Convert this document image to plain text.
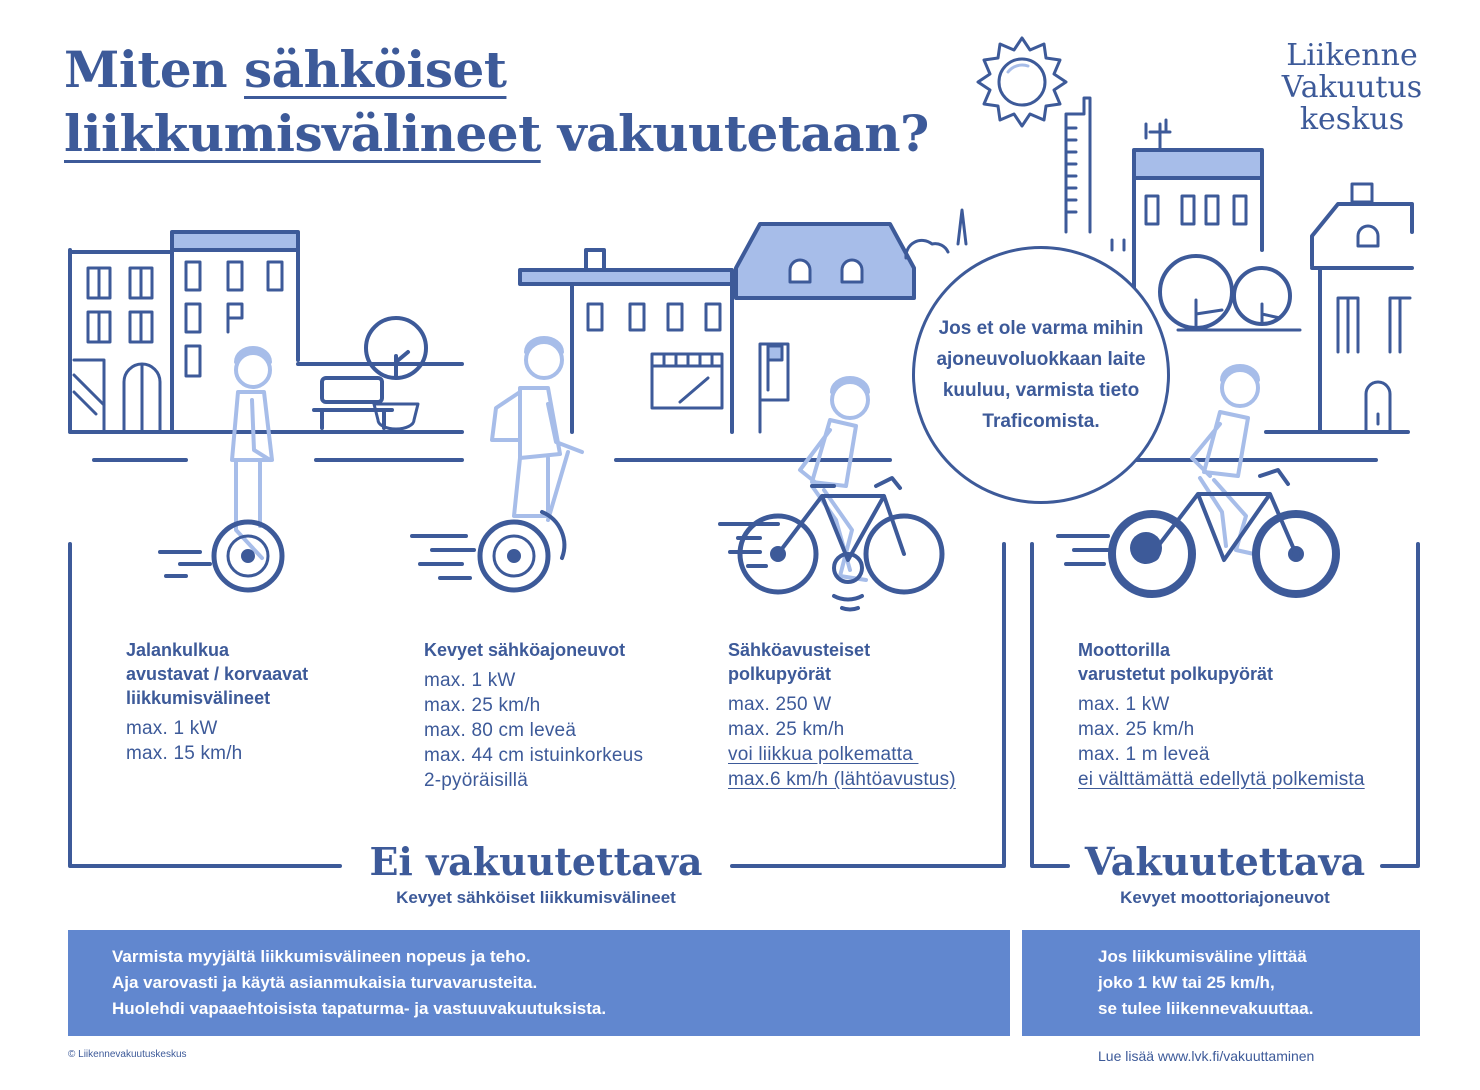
Miten sähköiset
liikkumisvälineet vakuutetaan?
Liikenne
Vakuutus
keskus
Jos et ole varma mihin ajoneuvoluokkaan laite kuuluu, varmista tieto Traficomista.
Jalankulkua
avustavat / korvaavat
liikkumisvälineet
max. 1 kW
max. 15 km/h
Kevyet sähköajoneuvot
max. 1 kW
max. 25 km/h
max. 80 cm leveä
max. 44 cm istuinkorkeus
2-pyöräisillä
Sähköavusteiset
polkupyörät
max. 250 W
max. 25 km/h
voi liikkua polkematta
max.6 km/h (lähtöavustus)
Moottorilla
varustetut polkupyörät
max. 1 kW
max. 25 km/h
max. 1 m leveä
ei välttämättä edellytä polkemista
Ei vakuutettava
Kevyet sähköiset liikkumisvälineet
Vakuutettava
Kevyet moottoriajoneuvot
Varmista myyjältä liikkumisvälineen nopeus ja teho.
Aja varovasti ja käytä asianmukaisia turvavarusteita.
Huolehdi vapaaehtoisista tapaturma- ja vastuuvakuutuksista.
Jos liikkumisväline ylittää
joko 1 kW tai 25 km/h,
se tulee liikennevakuuttaa.
© Liikennevakuutuskeskus	Lue lisää www.lvk.fi/vakuuttaminen
